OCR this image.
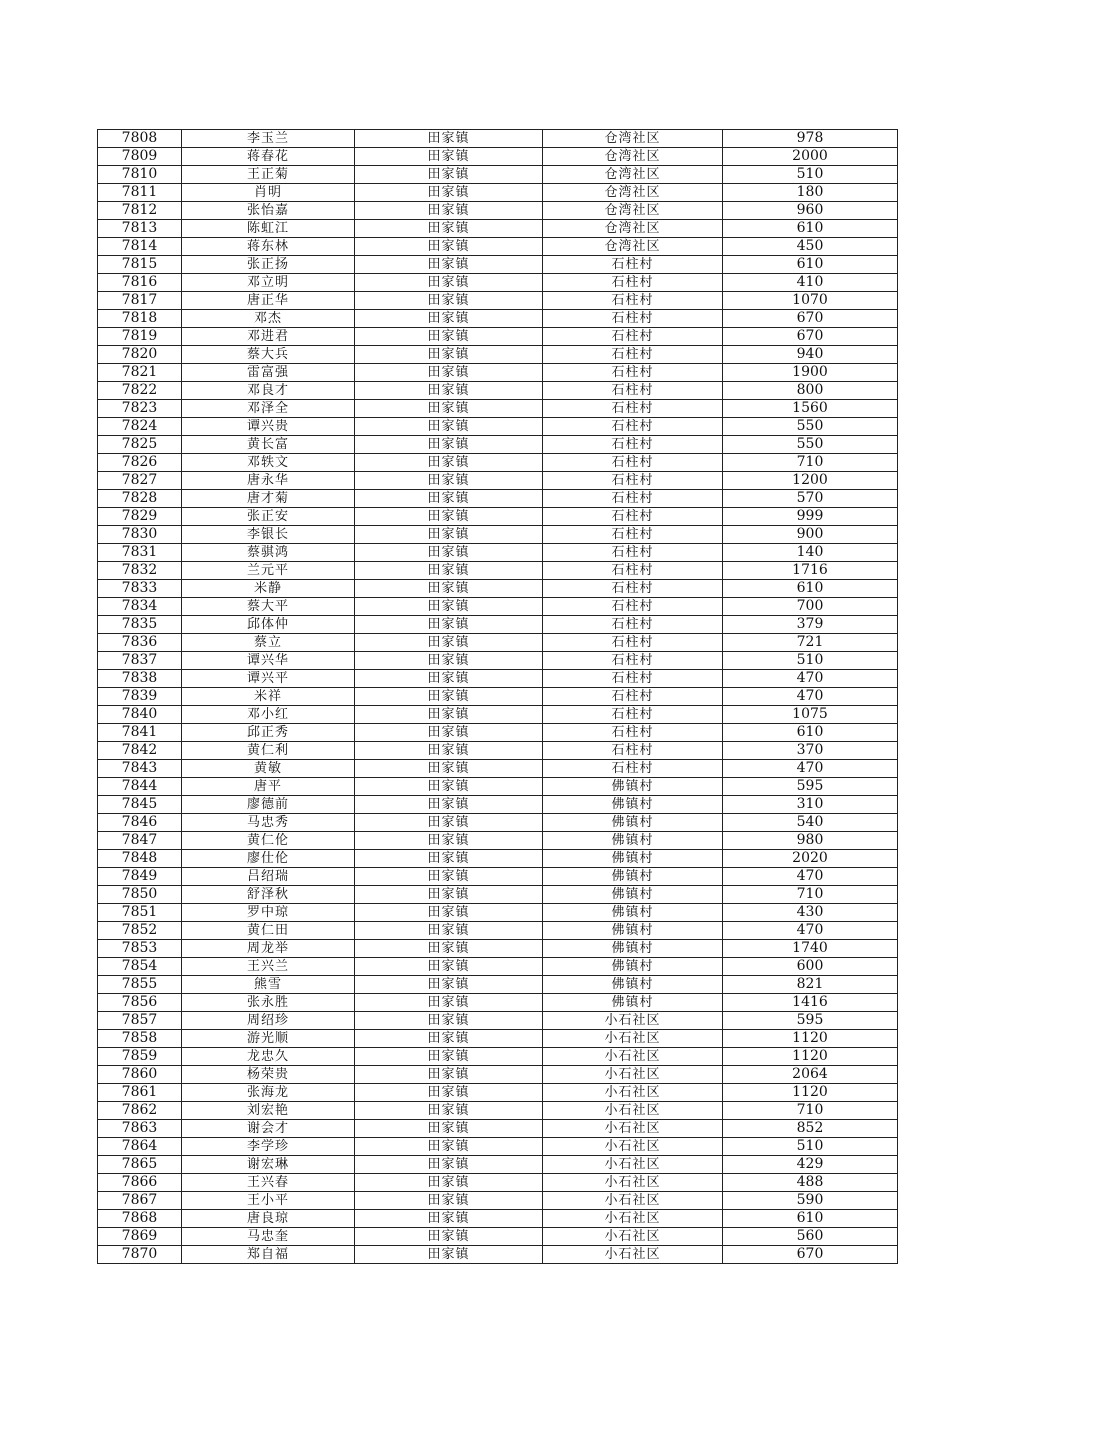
7808	李玉兰	田家镇	仓湾社区	978
7809	蒋春花	田家镇	仓湾社区	2000
7810	王正菊	田家镇	仓湾社区	510
7811	肖明	田家镇	仓湾社区	180
7812	张怡嘉	田家镇	仓湾社区	960
7813	陈虹江	田家镇	仓湾社区	610
7814	蒋东林	田家镇	仓湾社区	450
7815	张正扬	田家镇	石柱村	610
7816	邓立明	田家镇	石柱村	410
7817	唐正华	田家镇	石柱村	1070
7818	邓杰	田家镇	石柱村	670
7819	邓进君	田家镇	石柱村	670
7820	蔡大兵	田家镇	石柱村	940
7821	雷富强	田家镇	石柱村	1900
7822	邓良才	田家镇	石柱村	800
7823	邓泽全	田家镇	石柱村	1560
7824	谭兴贵	田家镇	石柱村	550
7825	黄长富	田家镇	石柱村	550
7826	邓轶文	田家镇	石柱村	710
7827	唐永华	田家镇	石柱村	1200
7828	唐才菊	田家镇	石柱村	570
7829	张正安	田家镇	石柱村	999
7830	李银长	田家镇	石柱村	900
7831	蔡骐鸿	田家镇	石柱村	140
7832	兰元平	田家镇	石柱村	1716
7833	米静	田家镇	石柱村	610
7834	蔡大平	田家镇	石柱村	700
7835	邱体仲	田家镇	石柱村	379
7836	蔡立	田家镇	石柱村	721
7837	谭兴华	田家镇	石柱村	510
7838	谭兴平	田家镇	石柱村	470
7839	米祥	田家镇	石柱村	470
7840	邓小红	田家镇	石柱村	1075
7841	邱正秀	田家镇	石柱村	610
7842	黄仁利	田家镇	石柱村	370
7843	黄敏	田家镇	石柱村	470
7844	唐平	田家镇	佛镇村	595
7845	廖德前	田家镇	佛镇村	310
7846	马忠秀	田家镇	佛镇村	540
7847	黄仁伦	田家镇	佛镇村	980
7848	廖仕伦	田家镇	佛镇村	2020
7849	吕绍瑞	田家镇	佛镇村	470
7850	舒泽秋	田家镇	佛镇村	710
7851	罗中琼	田家镇	佛镇村	430
7852	黄仁田	田家镇	佛镇村	470
7853	周龙举	田家镇	佛镇村	1740
7854	王兴兰	田家镇	佛镇村	600
7855	熊雪	田家镇	佛镇村	821
7856	张永胜	田家镇	佛镇村	1416
7857	周绍珍	田家镇	小石社区	595
7858	游光顺	田家镇	小石社区	1120
7859	龙忠久	田家镇	小石社区	1120
7860	杨荣贵	田家镇	小石社区	2064
7861	张海龙	田家镇	小石社区	1120
7862	刘宏艳	田家镇	小石社区	710
7863	谢会才	田家镇	小石社区	852
7864	李学珍	田家镇	小石社区	510
7865	谢宏琳	田家镇	小石社区	429
7866	王兴春	田家镇	小石社区	488
7867	王小平	田家镇	小石社区	590
7868	唐良琼	田家镇	小石社区	610
7869	马忠奎	田家镇	小石社区	560
7870	郑自福	田家镇	小石社区	670
